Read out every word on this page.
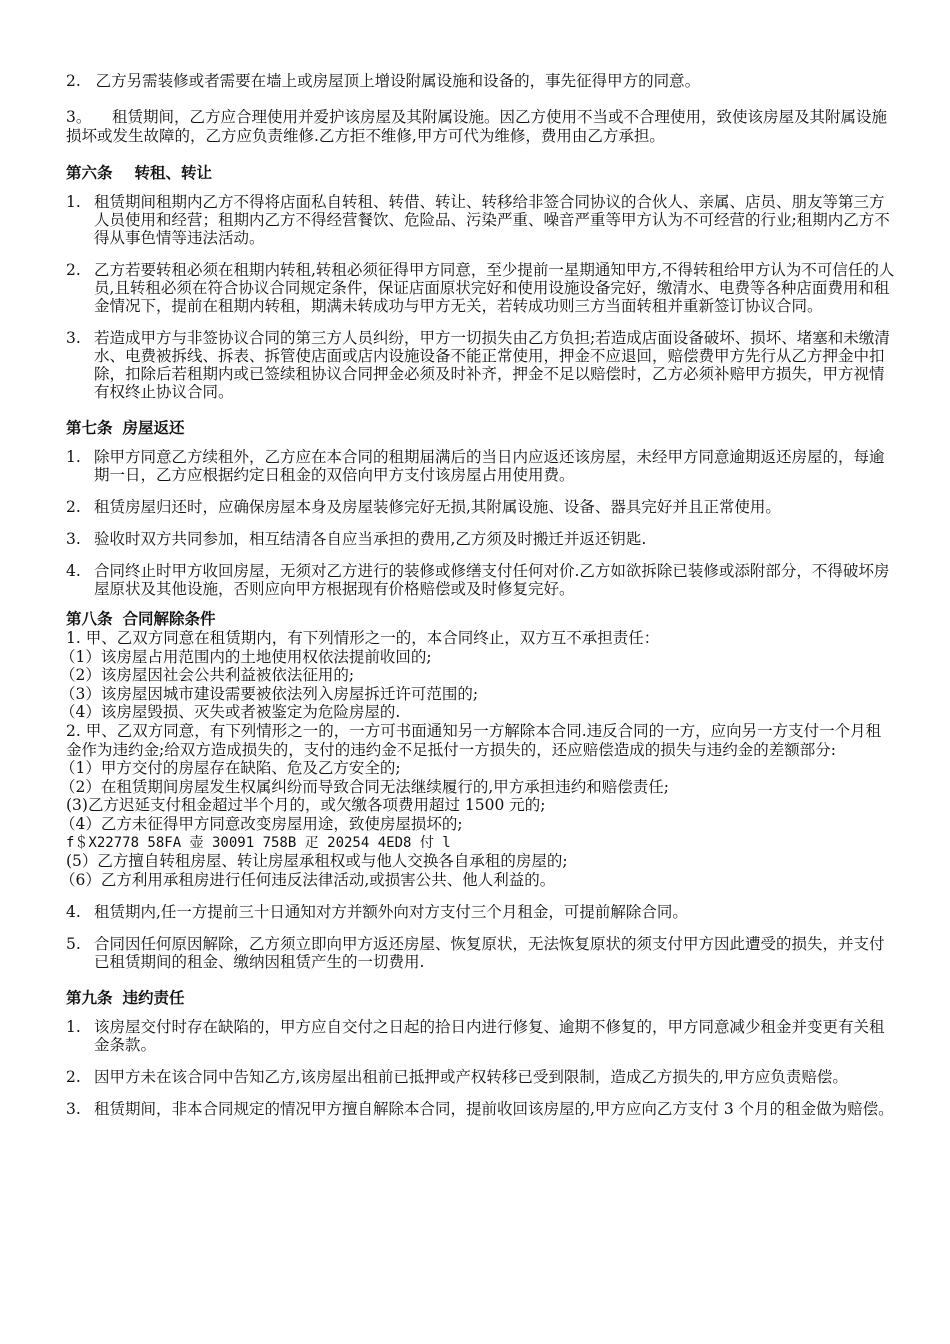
2. 乙方另需装修或者需要在墙上或房屋顶上增设附属设施和设备的，事先征得甲方的同意。

3。 租赁期间，乙方应合理使用并爱护该房屋及其附属设施。因乙方使用不当或不合理使用，致使该房屋及其附属设施损坏或发生故障的，乙方应负责维修.乙方拒不维修,甲方可代为维修，费用由乙方承担。

第六条 转租、转让
1. 租赁期间租期内乙方不得将店面私自转租、转借、转让、转移给非签合同协议的合伙人、亲属、店员、朋友等第三方人员使用和经营；租期内乙方不得经营餐饮、危险品、污染严重、噪音严重等甲方认为不可经营的行业;租期内乙方不得从事色情等违法活动。
2. 乙方若要转租必须在租期内转租,转租必须征得甲方同意，至少提前一星期通知甲方,不得转租给甲方认为不可信任的人员,且转租必须在符合协议合同规定条件，保证店面原状完好和使用设施设备完好，缴清水、电费等各种店面费用和租金情况下，提前在租期内转租，期满未转成功与甲方无关，若转成功则三方当面转租并重新签订协议合同。
3. 若造成甲方与非签协议合同的第三方人员纠纷，甲方一切损失由乙方负担;若造成店面设备破坏、损坏、堵塞和未缴清水、电费被拆线、拆表、拆管使店面或店内设施设备不能正常使用，押金不应退回，赔偿费甲方先行从乙方押金中扣除，扣除后若租期内或已签续租协议合同押金必须及时补齐，押金不足以赔偿时，乙方必须补赔甲方损失，甲方视情有权终止协议合同。
第七条 房屋返还
1. 除甲方同意乙方续租外，乙方应在本合同的租期届满后的当日内应返还该房屋，未经甲方同意逾期返还房屋的，每逾期一日，乙方应根据约定日租金的双倍向甲方支付该房屋占用使用费。
2. 租赁房屋归还时，应确保房屋本身及房屋装修完好无损,其附属设施、设备、器具完好并且正常使用。
3. 验收时双方共同参加，相互结清各自应当承担的费用,乙方须及时搬迁并返还钥匙.
4. 合同终止时甲方收回房屋，无须对乙方进行的装修或修缮支付任何对价.乙方如欲拆除已装修或添附部分，不得破坏房屋原状及其他设施，否则应向甲方根据现有价格赔偿或及时修复完好。
第八条 合同解除条件

1. 甲、乙双方同意在租赁期内，有下列情形之一的，本合同终止，双方互不承担责任：

（1）该房屋占用范围内的土地使用权依法提前收回的;

（2）该房屋因社会公共利益被依法征用的;

（3）该房屋因城市建设需要被依法列入房屋拆迁许可范围的;

（4）该房屋毁损、灭失或者被鉴定为危险房屋的.

2. 甲、乙双方同意，有下列情形之一的，一方可书面通知另一方解除本合同.违反合同的一方，应向另一方支付一个月租金作为违约金;给双方造成损失的，支付的违约金不足抵付一方损失的，还应赔偿造成的损失与违约金的差额部分:

（1）甲方交付的房屋存在缺陷、危及乙方安全的;

（2）在租赁期间房屋发生权属纠纷而导致合同无法继续履行的,甲方承担违约和赔偿责任;

(3)乙方迟延支付租金超过半个月的，或欠缴各项费用超过 1500 元的;

（4）乙方未征得甲方同意改变房屋用途，致使房屋损坏的;

f＄X22778 58FA 壶 30091 758B 疋 20254 4ED8 付 l

(5）乙方擅自转租房屋、转让房屋承租权或与他人交换各自承租的房屋的;

（6）乙方利用承租房进行任何违反法律活动,或损害公共、他人利益的。

4. 租赁期内,任一方提前三十日通知对方并额外向对方支付三个月租金，可提前解除合同。
5. 合同因任何原因解除，乙方须立即向甲方返还房屋、恢复原状，无法恢复原状的须支付甲方因此遭受的损失，并支付已租赁期间的租金、缴纳因租赁产生的一切费用.
第九条 违约责任
1. 该房屋交付时存在缺陷的，甲方应自交付之日起的拾日内进行修复、逾期不修复的，甲方同意减少租金并变更有关租金条款。
2. 因甲方未在该合同中告知乙方,该房屋出租前已抵押或产权转移已受到限制，造成乙方损失的,甲方应负责赔偿。
3. 租赁期间，非本合同规定的情况甲方擅自解除本合同，提前收回该房屋的,甲方应向乙方支付 3 个月的租金做为赔偿。
